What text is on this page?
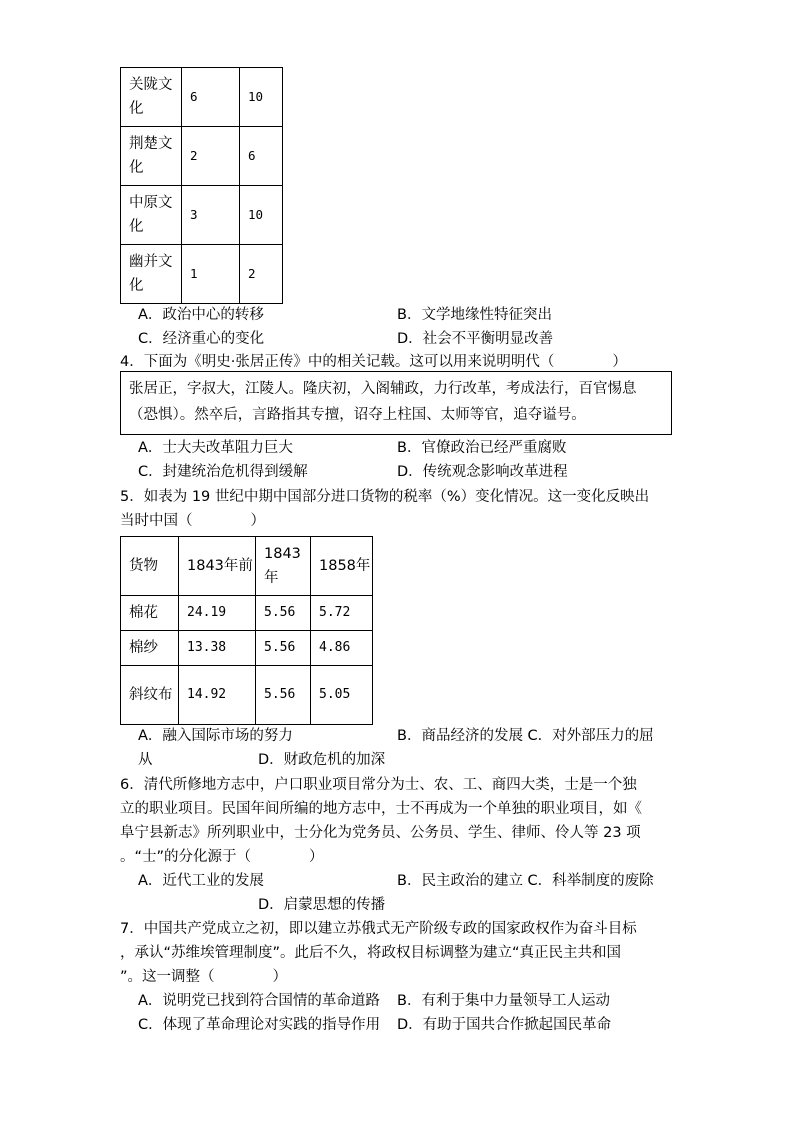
关陇文化	6	10
荆楚文化	2	6
中原文化	3	10
幽并文化	1	2
A．政治中心的转移	B．文学地缘性特征突出
C．经济重心的变化	D．社会不平衡明显改善
4．下面为《明史·张居正传》中的相关记载。这可以用来说明明代（　　　　）
张居正，字叔大，江陵人。隆庆初，入阁辅政，力行改革，考成法行，百官惕息
（恐惧）。然卒后，言路指其专擅，诏夺上柱国、太师等官，追夺谥号。
A．士大夫改革阻力巨大	B．官僚政治已经严重腐败
C．封建统治危机得到缓解	D．传统观念影响改革进程
5．如表为 19 世纪中期中国部分进口货物的税率（%）变化情况。这一变化反映出
当时中国（　　　　）
货物	1843年前	1843年	1858年
棉花	24.19	5.56	5.72
棉纱	13.38	5.56	4.86
斜纹布	14.92	5.56	5.05
A．融入国际市场的努力	B．商品经济的发展 C．对外部压力的屈
从	D．财政危机的加深
6．清代所修地方志中，户口职业项目常分为士、农、工、商四大类，士是一个独
立的职业项目。民国年间所编的地方志中，士不再成为一个单独的职业项目，如《
阜宁县新志》所列职业中，士分化为党务员、公务员、学生、律师、伶人等 23 项
。“士”的分化源于（　　　　）
A．近代工业的发展	B．民主政治的建立 C．科举制度的废除
D．启蒙思想的传播
7．中国共产党成立之初，即以建立苏俄式无产阶级专政的国家政权作为奋斗目标
，承认“苏维埃管理制度”。此后不久，将政权目标调整为建立“真正民主共和国
”。这一调整（　　　　）
A．说明党已找到符合国情的革命道路 B．有利于集中力量领导工人运动
C．体现了革命理论对实践的指导作用 D．有助于国共合作掀起国民革命
